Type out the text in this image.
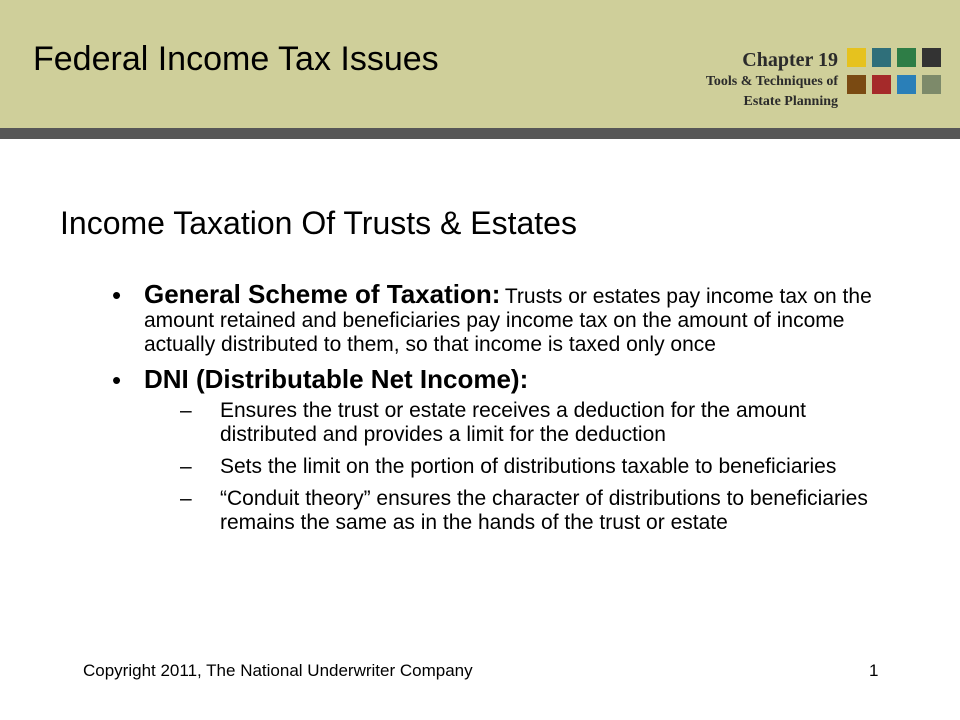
Federal Income Tax Issues	Chapter 19
Tools & Techniques of
Estate Planning
Income Taxation Of Trusts & Estates
• General Scheme of Taxation: Trusts or estates pay income tax on the amount retained and beneficiaries pay income tax on the amount of income actually distributed to them, so that income is taxed only once
• DNI (Distributable Net Income):
– Ensures the trust or estate receives a deduction for the amount distributed and provides a limit for the deduction
– Sets the limit on the portion of distributions taxable to beneficiaries
– “Conduit theory” ensures the character of distributions to beneficiaries remains the same as in the hands of the trust or estate
Copyright 2011, The National Underwriter Company	1
